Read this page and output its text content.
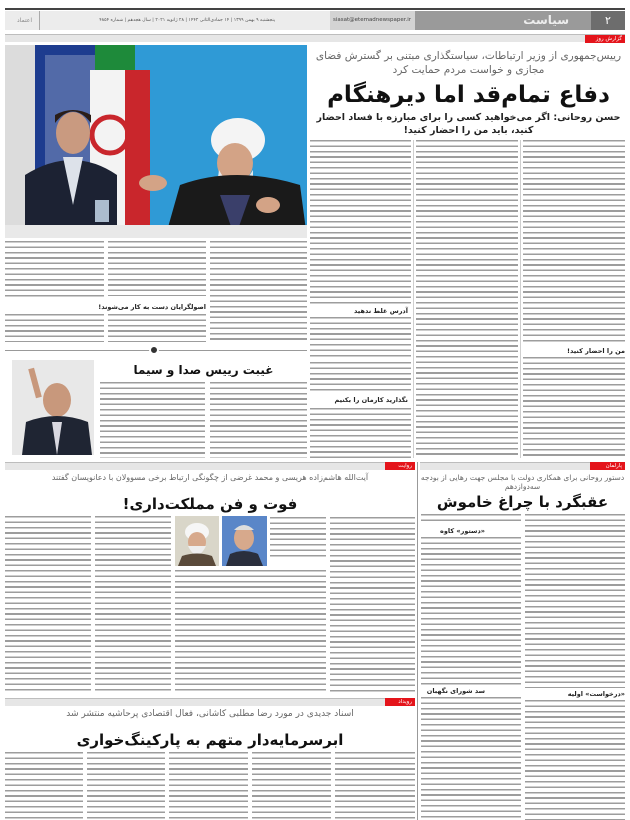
۲
سیاست
siasat@etemadnewspaper.ir
پنجشنبه ۹ بهمن ۱۳۹۹ | ۱۴ جمادی‌الثانی ۱۴۴۲ | ۲۸ ژانویه ۲۰۲۱ | سال هجدهم | شماره ۴۸۵۴
اعتماد
گزارش روز
رییس‌جمهوری از وزیر ارتباطات، سیاستگذاری مبتنی بر گسترش فضای مجازی و خواست مردم حمایت کرد
دفاع تمام‌قد اما دیرهنگام
حسن روحانی: اگر می‌خواهید کسی را برای مبارزه با فساد احضار کنید، باید من را احضار کنید!
من را احضار کنید!
آدرس غلط ندهید
نگذارید کارمان را بکنیم
اصولگرایان دست به کار می‌شوند!
غیبت رییس صدا و سیما
روایت	پارلمان
آیت‌الله هاشم‌زاده هریسی و محمد غرضی از چگونگی ارتباط برخی مسوولان با دعانویسان گفتند
فوت و فن مملکت‌داری!
دستور روحانی برای همکاری دولت با مجلس جهت رهایی از بودجه سه‌دوازدهم
عقبگرد با چراغ خاموش
«درخواست» اولیه
«دستور» کاوه
سد شورای نگهبان
رویداد
اسناد جدیدی در مورد رضا مطلبی کاشانی، فعال اقتصادی پرحاشیه منتشر شد
ابرسرمایه‌دار متهم به پارکینگ‌خواری
